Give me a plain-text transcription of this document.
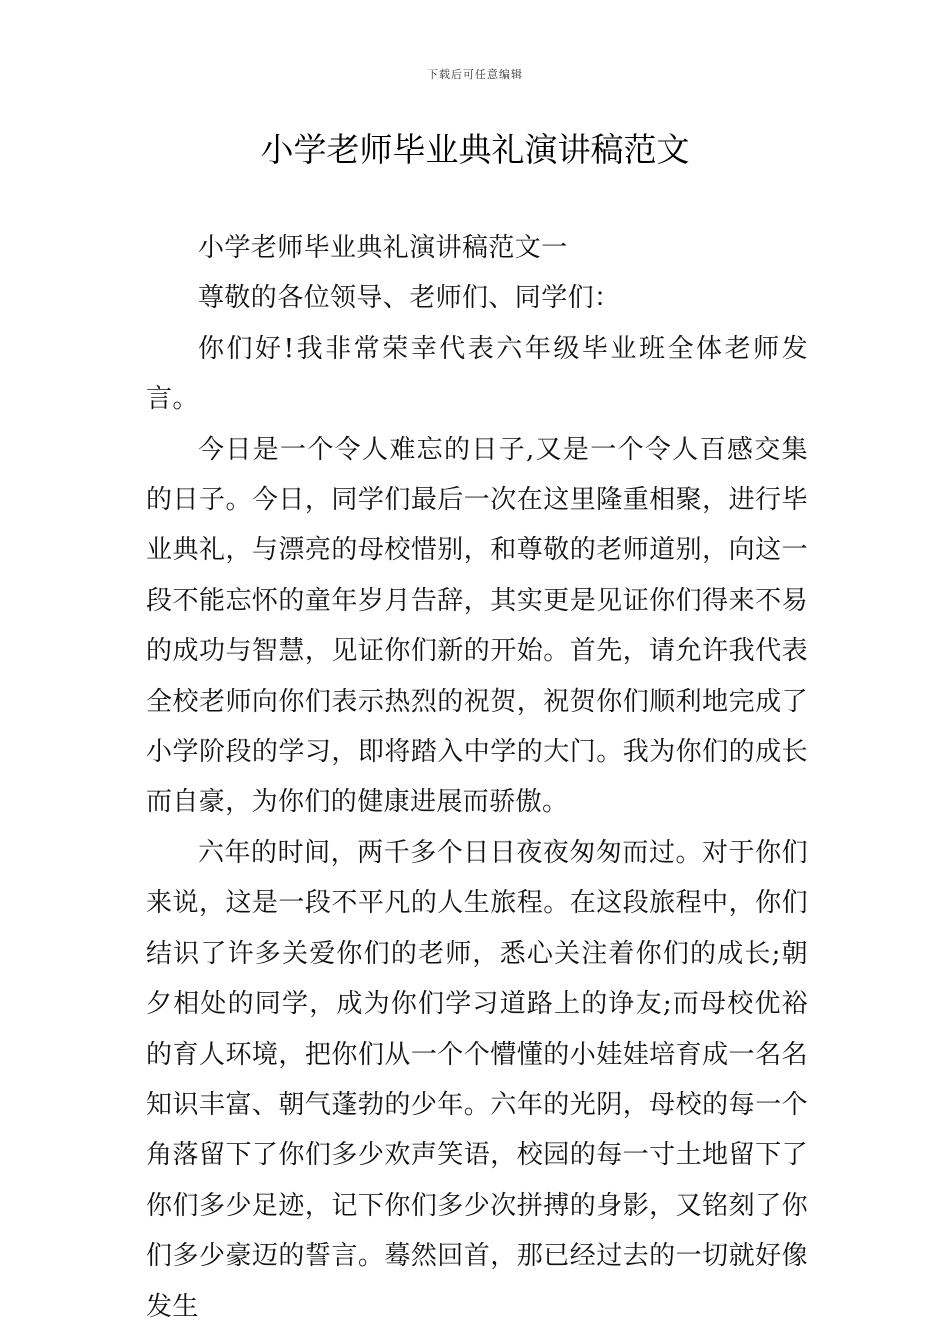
下载后可任意编辑
小学老师毕业典礼演讲稿范文

小学老师毕业典礼演讲稿范文一

尊敬的各位领导、老师们、同学们：

你们好!我非常荣幸代表六年级毕业班全体老师发言。

今日是一个令人难忘的日子,又是一个令人百感交集的日子。今日，同学们最后一次在这里隆重相聚，进行毕业典礼，与漂亮的母校惜别，和尊敬的老师道别，向这一段不能忘怀的童年岁月告辞，其实更是见证你们得来不易的成功与智慧，见证你们新的开始。首先，请允许我代表全校老师向你们表示热烈的祝贺，祝贺你们顺利地完成了小学阶段的学习，即将踏入中学的大门。我为你们的成长而自豪，为你们的健康进展而骄傲。

六年的时间，两千多个日日夜夜匆匆而过。对于你们来说，这是一段不平凡的人生旅程。在这段旅程中，你们结识了许多关爱你们的老师，悉心关注着你们的成长;朝夕相处的同学，成为你们学习道路上的诤友;而母校优裕的育人环境，把你们从一个个懵懂的小娃娃培育成一名名知识丰富、朝气蓬勃的少年。六年的光阴，母校的每一个角落留下了你们多少欢声笑语，校园的每一寸土地留下了你们多少足迹，记下你们多少次拼搏的身影，又铭刻了你们多少豪迈的誓言。蓦然回首，那已经过去的一切就好像发生
